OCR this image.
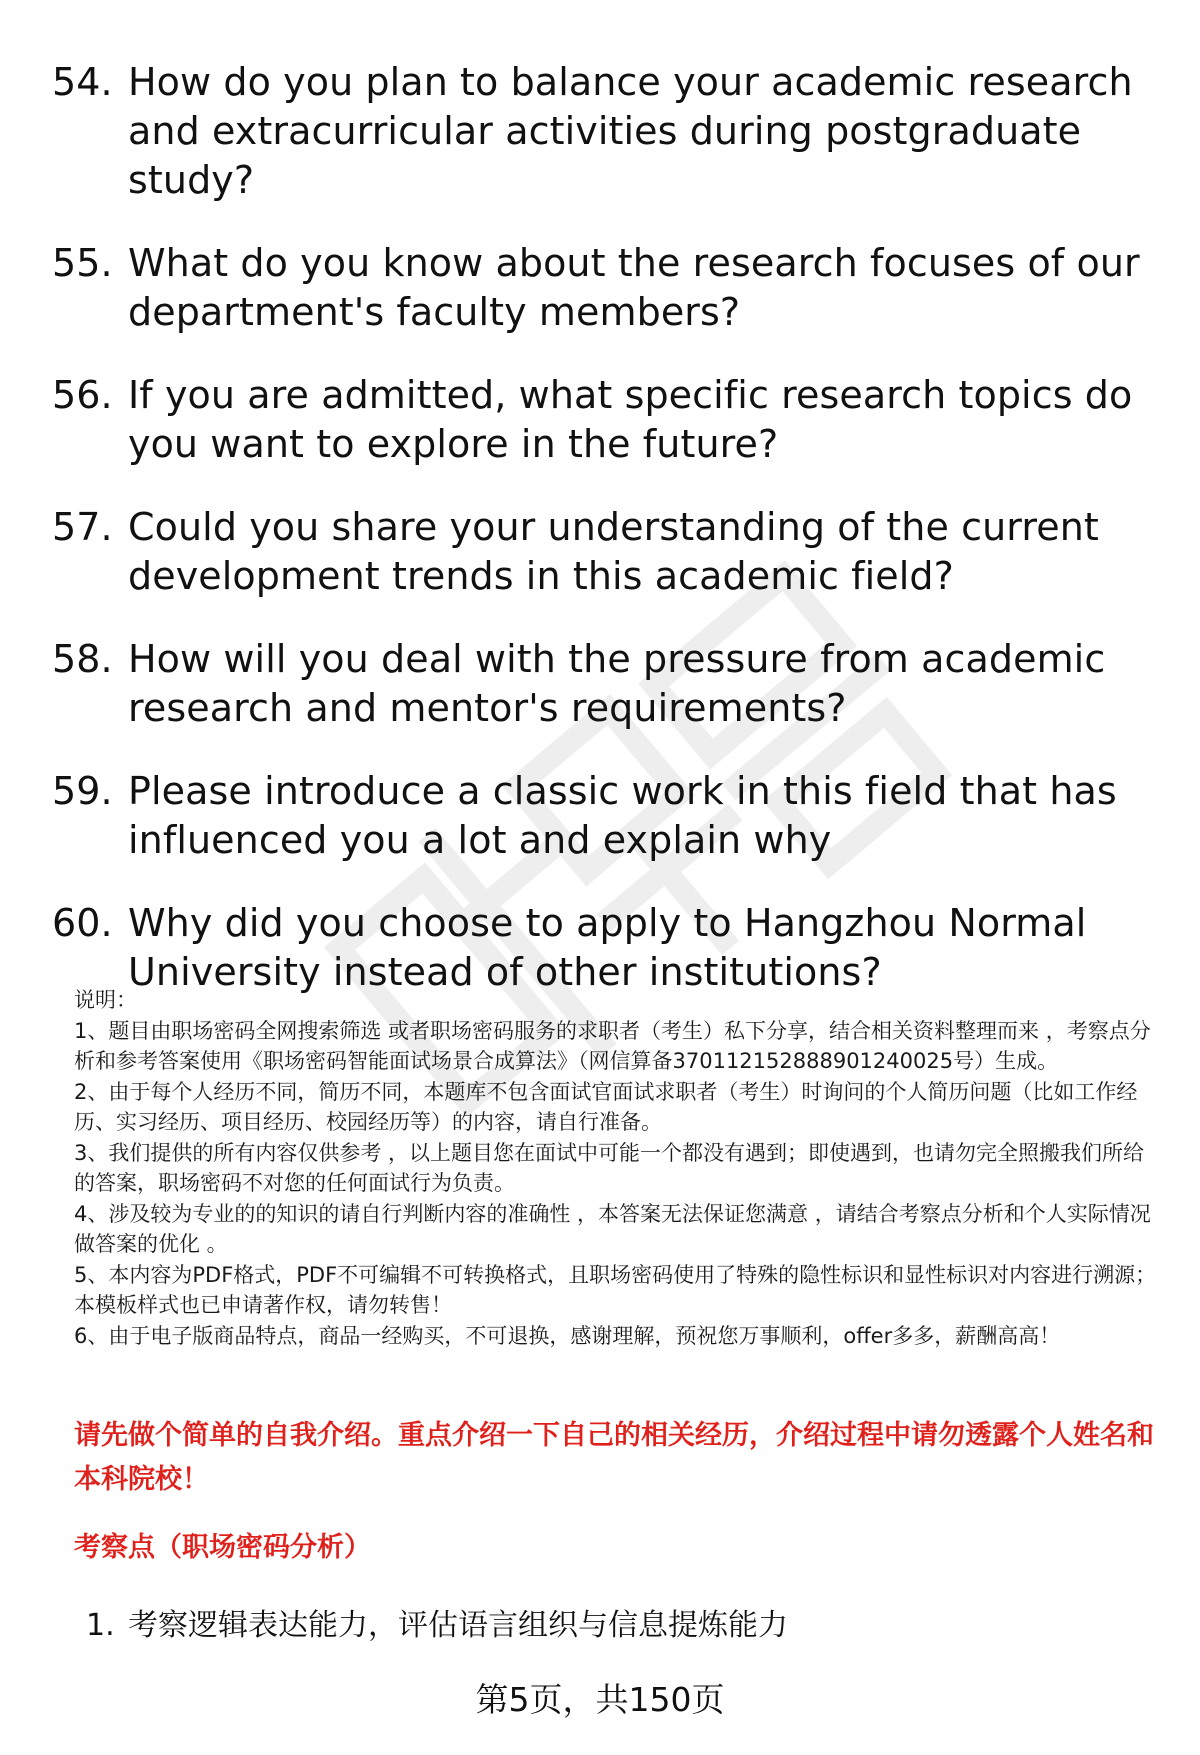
54. How do you plan to balance your academic research and extracurricular activities during postgraduate study?
55. What do you know about the research focuses of our department's faculty members?
56. If you are admitted, what specific research topics do you want to explore in the future?
57. Could you share your understanding of the current development trends in this academic field?
58. How will you deal with the pressure from academic research and mentor's requirements?
59. Please introduce a classic work in this field that has influenced you a lot and explain why
60. Why did you choose to apply to Hangzhou Normal University instead of other institutions?

说明：

1、题目由职场密码全网搜索筛选 或者职场密码服务的求职者（考生）私下分享，结合相关资料整理而来 ，考察点分析和参考答案使用《职场密码智能面试场景合成算法》（网信算备370112152888901240025号）生成。

2、由于每个人经历不同，简历不同，本题库不包含面试官面试求职者（考生）时询问的个人简历问题（比如工作经历、实习经历、项目经历、校园经历等）的内容，请自行准备。

3、我们提供的所有内容仅供参考 ，以上题目您在面试中可能一个都没有遇到；即使遇到，也请勿完全照搬我们所给的答案，职场密码不对您的任何面试行为负责。

4、涉及较为专业的的知识的请自行判断内容的准确性 ，本答案无法保证您满意 ，请结合考察点分析和个人实际情况做答案的优化 。

5、本内容为PDF格式，PDF不可编辑不可转换格式，且职场密码使用了特殊的隐性标识和显性标识对内容进行溯源；本模板样式也已申请著作权，请勿转售！

6、由于电子版商品特点，商品一经购买，不可退换，感谢理解，预祝您万事顺利，offer多多，薪酬高高！

请先做个简单的自我介绍。重点介绍一下自己的相关经历，介绍过程中请勿透露个人姓名和本科院校！
考察点（职场密码分析）
1. 考察逻辑表达能力，评估语言组织与信息提炼能力
第5页，共150页
